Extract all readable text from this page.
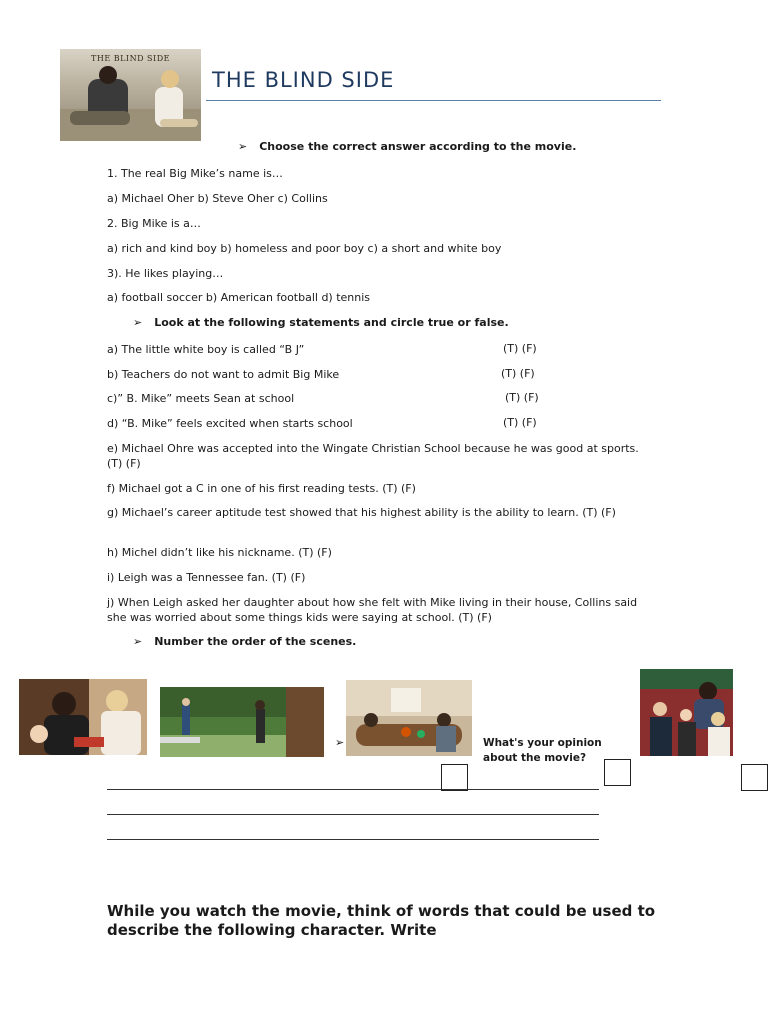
THE BLIND SIDE
THE BLIND SIDE
➢ Choose the correct answer according to the movie.
1. The real Big Mike’s name is…
a) Michael Oher b) Steve Oher c) Collins
2. Big Mike is a…
a) rich and kind boy b) homeless and poor boy c) a short and white boy
3). He likes playing…
a) football soccer b) American football d) tennis
➢ Look at the following statements and circle true or false.
a) The little white boy is called “B J”	(T) (F)
b) Teachers do not want to admit Big Mike	(T) (F)
c)” B. Mike” meets Sean at school	(T) (F)
d) “B. Mike” feels excited when starts school	(T) (F)
e) Michael Ohre was accepted into the Wingate Christian School because he was good at sports. (T) (F)
f) Michael got a C in one of his first reading tests. (T) (F)
g) Michael’s career aptitude test showed that his highest ability is the ability to learn. (T) (F)
h) Michel didn’t like his nickname. (T) (F)
i) Leigh was a Tennessee fan. (T) (F)
j) When Leigh asked her daughter about how she felt with Mike living in their house, Collins said she was worried about some things kids were saying at school. (T) (F)
➢ Number the order of the scenes.
➢	What's your opinion about the movie?
While you watch the movie, think of words that could be used to describe the following character. Write
